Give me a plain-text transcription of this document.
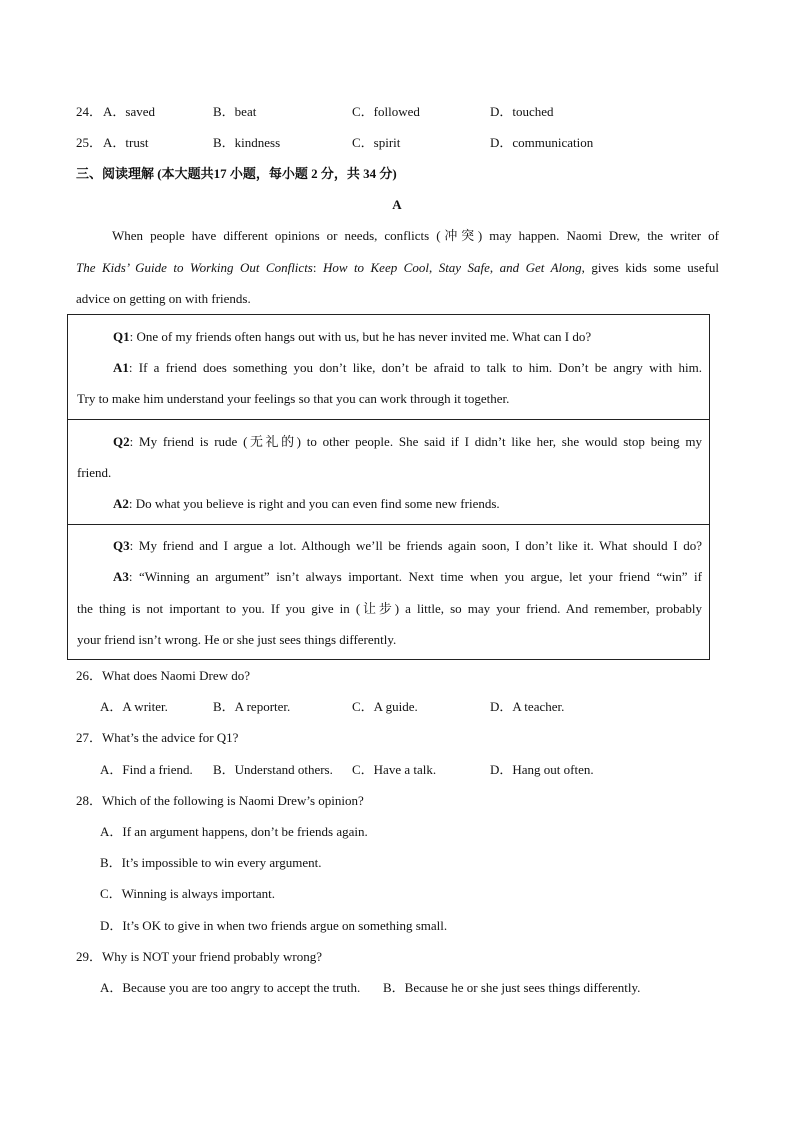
24． A．saved	B．beat	C．followed	D．touched
25． A．trust	B．kindness	C．spirit	D．communication
三、阅读理解 (本大题共17 小题，每小题 2 分，共 34 分)
A
When people have different opinions or needs, conflicts (冲突) may happen. Naomi Drew, the writer of
The Kids’ Guide to Working Out Conflicts: How to Keep Cool, Stay Safe, and Get Along, gives kids some useful
advice on getting on with friends.
Q1: One of my friends often hangs out with us, but he has never invited me. What can I do?
A1: If a friend does something you don’t like, don’t be afraid to talk to him. Don’t be angry with him.
Try to make him understand your feelings so that you can work through it together.
Q2: My friend is rude (无礼的) to other people. She said if I didn’t like her, she would stop being my
friend.
A2: Do what you believe is right and you can even find some new friends.
Q3: My friend and I argue a lot. Although we’ll be friends again soon, I don’t like it. What should I do?
A3: “Winning an argument” isn’t always important. Next time when you argue, let your friend “win” if
the thing is not important to you. If you give in (让步) a little, so may your friend. And remember, probably
your friend isn’t wrong. He or she just sees things differently.
26．What does Naomi Drew do?
A．A writer.	B．A reporter.	C．A guide.	D．A teacher.
27．What’s the advice for Q1?
A．Find a friend. B．Understand others. C．Have a talk.	D．Hang out often.
28．Which of the following is Naomi Drew’s opinion?
A．If an argument happens, don’t be friends again.
B．It’s impossible to win every argument.
C．Winning is always important.
D．It’s OK to give in when two friends argue on something small.
29．Why is NOT your friend probably wrong?
A．Because you are too angry to accept the truth. B．Because he or she just sees things differently.
